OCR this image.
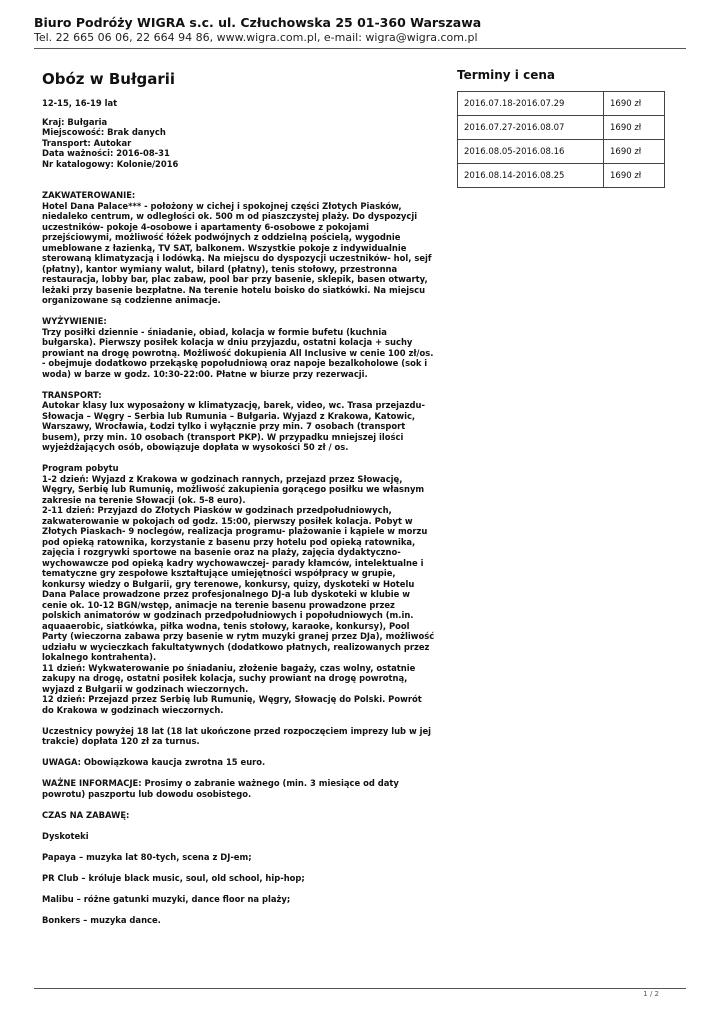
Biuro Podróży WIGRA s.c. ul. Człuchowska 25 01-360 Warszawa
Tel. 22 665 06 06, 22 664 94 86, www.wigra.com.pl, e-mail: wigra@wigra.com.pl
Obóz w Bułgarii
12-15, 16-19 lat
Kraj: Bułgaria
Miejscowość: Brak danych
Transport: Autokar
Data ważności: 2016-08-31
Nr katalogowy: Kolonie/2016
ZAKWATEROWANIE:
Hotel Dana Palace*** - położony w cichej i spokojnej części Złotych Piasków,
niedaleko centrum, w odległości ok. 500 m od piaszczystej plaży. Do dyspozycji
uczestników- pokoje 4-osobowe i apartamenty 6-osobowe z pokojami
przejściowymi, możliwość łóżek podwójnych z oddzielną pościelą, wygodnie
umeblowane z łazienką, TV SAT, balkonem. Wszystkie pokoje z indywidualnie
sterowaną klimatyzacją i lodówką. Na miejscu do dyspozycji uczestników- hol, sejf
(płatny), kantor wymiany walut, bilard (płatny), tenis stołowy, przestronna
restauracja, lobby bar, plac zabaw, pool bar przy basenie, sklepik, basen otwarty,
leżaki przy basenie bezpłatne. Na terenie hotelu boisko do siatkówki. Na miejscu
organizowane są codzienne animacje.
WYŻYWIENIE:
Trzy posiłki dziennie - śniadanie, obiad, kolacja w formie bufetu (kuchnia
bułgarska). Pierwszy posiłek kolacja w dniu przyjazdu, ostatni kolacja + suchy
prowiant na drogę powrotną. Możliwość dokupienia All Inclusive w cenie 100 zł/os.
- obejmuje dodatkowo przekąskę popołudniową oraz napoje bezalkoholowe (sok i
woda) w barze w godz. 10:30-22:00. Płatne w biurze przy rezerwacji.
TRANSPORT:
Autokar klasy lux wyposażony w klimatyzację, barek, video, wc. Trasa przejazdu-
Słowacja – Węgry – Serbia lub Rumunia – Bułgaria. Wyjazd z Krakowa, Katowic,
Warszawy, Wrocławia, Łodzi tylko i wyłącznie przy min. 7 osobach (transport
busem), przy min. 10 osobach (transport PKP). W przypadku mniejszej ilości
wyjeżdżających osób, obowiązuje dopłata w wysokości 50 zł / os.
Program pobytu
1-2 dzień: Wyjazd z Krakowa w godzinach rannych, przejazd przez Słowację,
Węgry, Serbię lub Rumunię, możliwość zakupienia gorącego posiłku we własnym
zakresie na terenie Słowacji (ok. 5-8 euro).
2-11 dzień: Przyjazd do Złotych Piasków w godzinach przedpołudniowych,
zakwaterowanie w pokojach od godz. 15:00, pierwszy posiłek kolacja. Pobyt w
Złotych Piaskach- 9 noclegów, realizacja programu- plażowanie i kąpiele w morzu
pod opieką ratownika, korzystanie z basenu przy hotelu pod opieką ratownika,
zajęcia i rozgrywki sportowe na basenie oraz na plaży, zajęcia dydaktyczno-
wychowawcze pod opieką kadry wychowawczej- parady kłamców, intelektualne i
tematyczne gry zespołowe kształtujące umiejętności współpracy w grupie,
konkursy wiedzy o Bułgarii, gry terenowe, konkursy, quizy, dyskoteki w Hotelu
Dana Palace prowadzone przez profesjonalnego DJ-a lub dyskoteki w klubie w
cenie ok. 10-12 BGN/wstęp, animacje na terenie basenu prowadzone przez
polskich animatorów w godzinach przedpołudniowych i popołudniowych (m.in.
aquaaerobic, siatkówka, piłka wodna, tenis stołowy, karaoke, konkursy), Pool
Party (wieczorna zabawa przy basenie w rytm muzyki granej przez DJa), możliwość
udziału w wycieczkach fakultatywnych (dodatkowo płatnych, realizowanych przez
lokalnego kontrahenta).
11 dzień: Wykwaterowanie po śniadaniu, złożenie bagaży, czas wolny, ostatnie
zakupy na drogę, ostatni posiłek kolacja, suchy prowiant na drogę powrotną,
wyjazd z Bułgarii w godzinach wieczornych.
12 dzień: Przejazd przez Serbię lub Rumunię, Węgry, Słowację do Polski. Powrót
do Krakowa w godzinach wieczornych.
Uczestnicy powyżej 18 lat (18 lat ukończone przed rozpoczęciem imprezy lub w jej
trakcie) dopłata 120 zł za turnus.
UWAGA: Obowiązkowa kaucja zwrotna 15 euro.
WAŻNE INFORMACJE: Prosimy o zabranie ważnego (min. 3 miesiące od daty
powrotu) paszportu lub dowodu osobistego.
CZAS NA ZABAWĘ:
Dyskoteki
Papaya – muzyka lat 80-tych, scena z DJ-em;
PR Club – króluje black music, soul, old school, hip-hop;
Malibu – różne gatunki muzyki, dance floor na plaży;
Bonkers – muzyka dance.
Terminy i cena
2016.07.18-2016.07.29	1690 zł
2016.07.27-2016.08.07	1690 zł
2016.08.05-2016.08.16	1690 zł
2016.08.14-2016.08.25	1690 zł
1 / 2
